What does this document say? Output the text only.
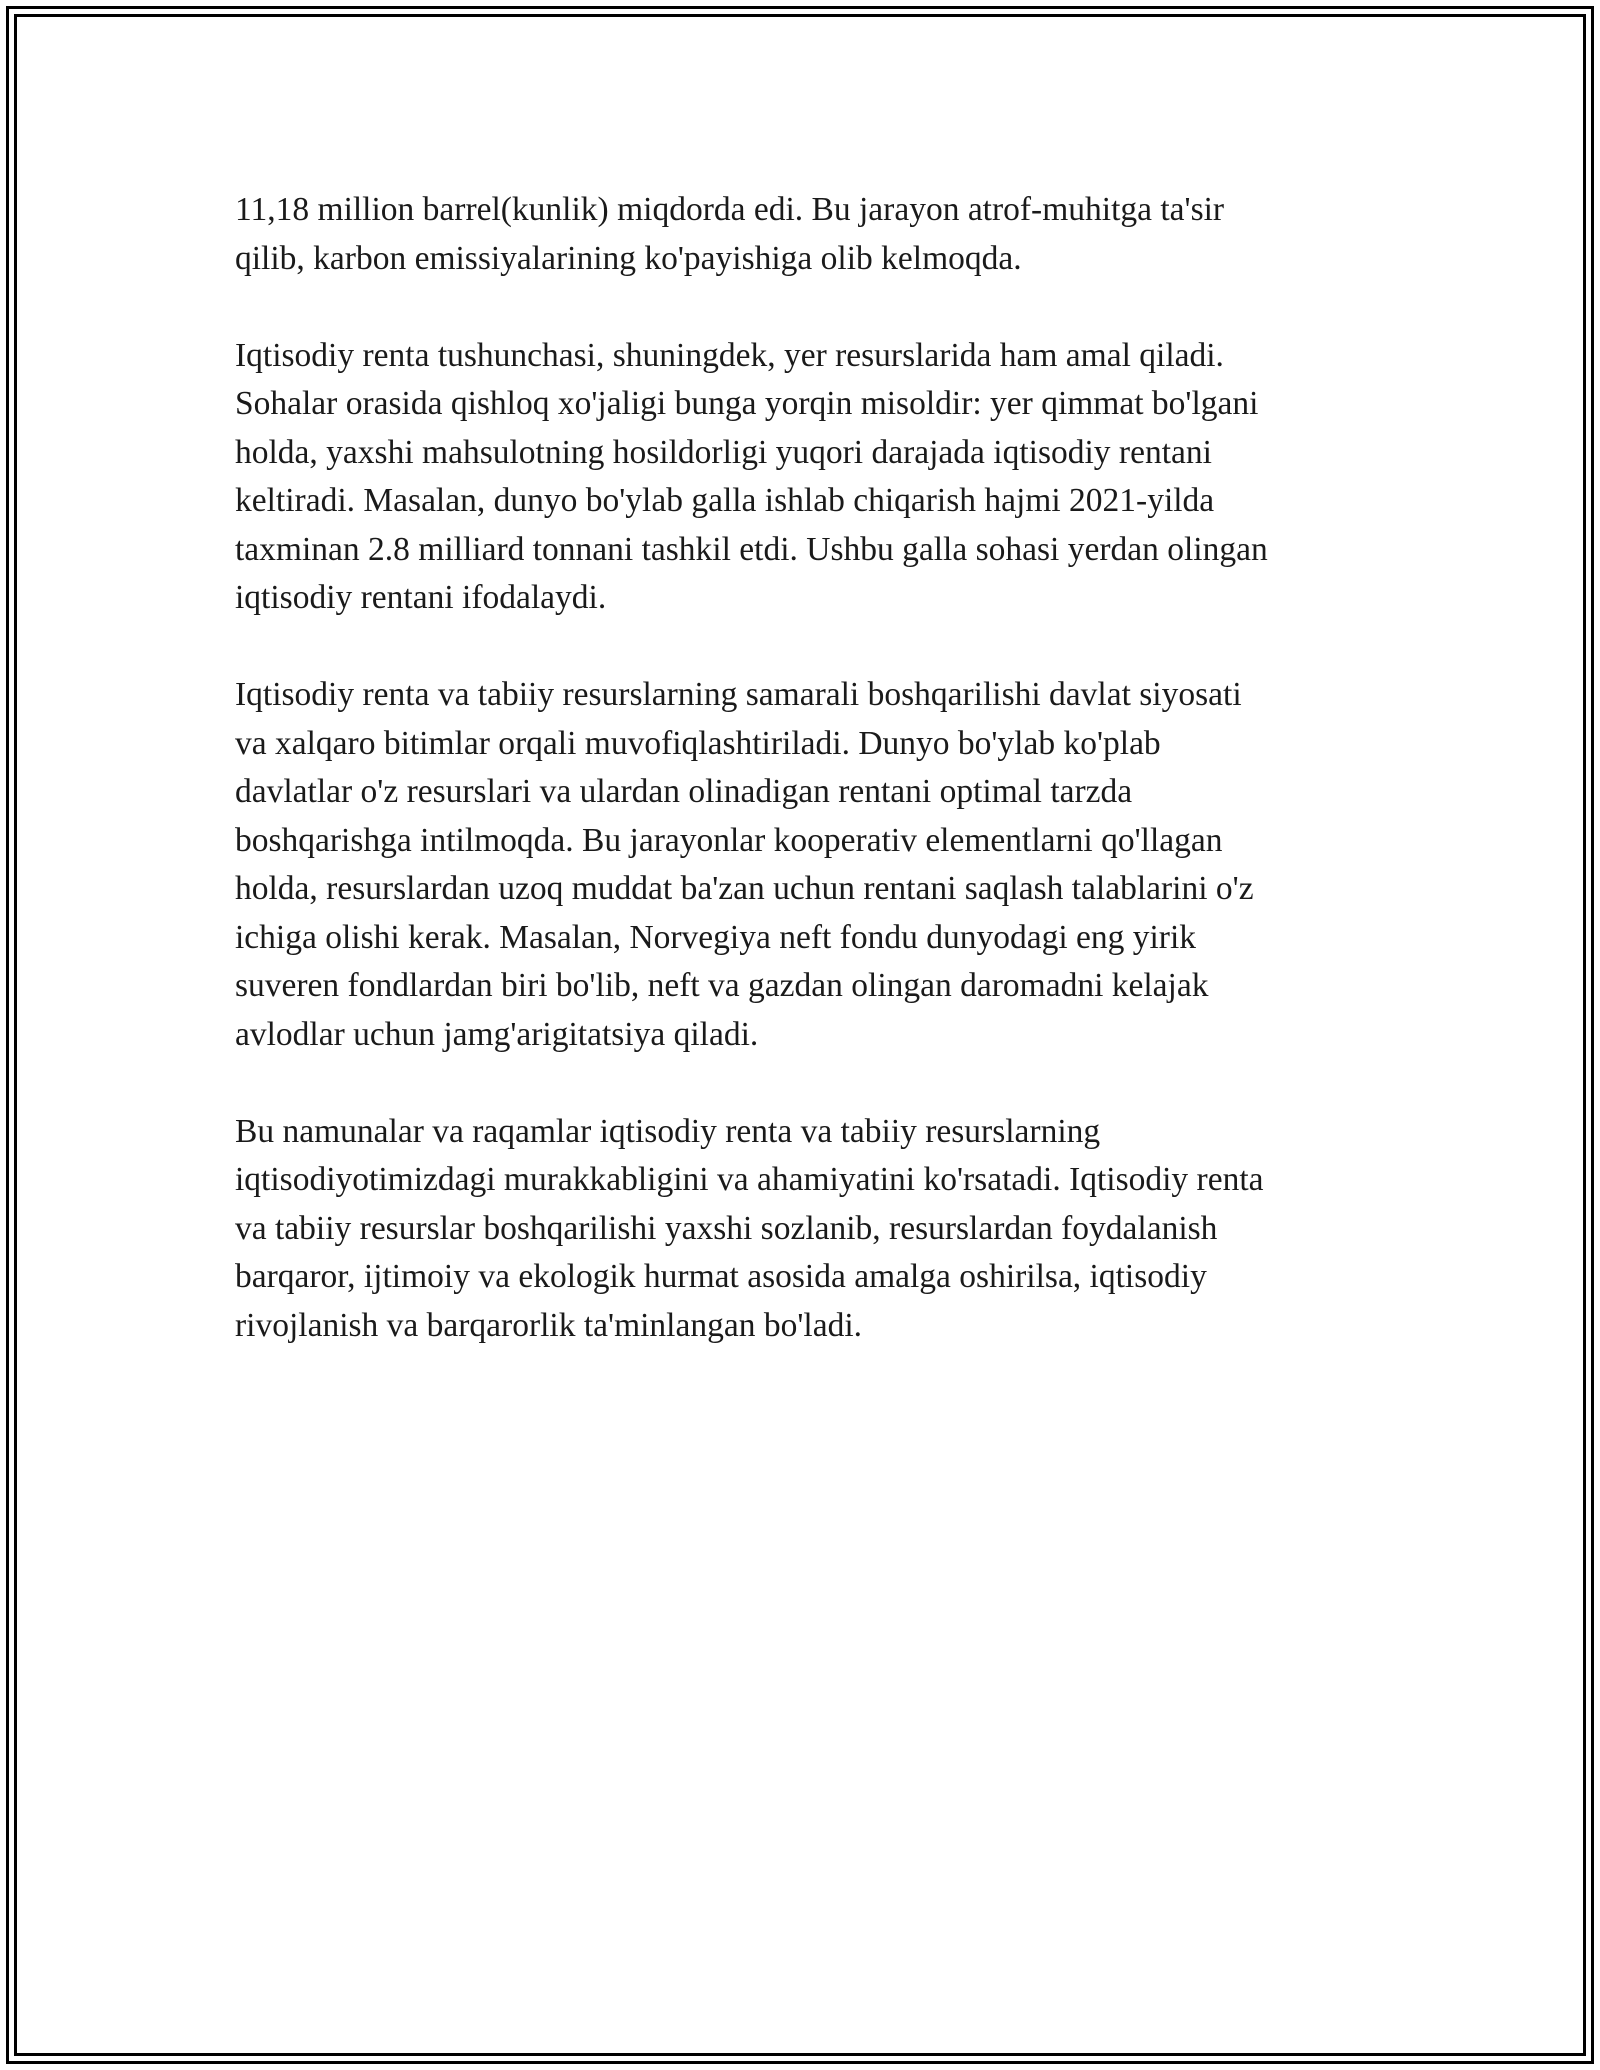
11,18 million barrel(kunlik) miqdorda edi. Bu jarayon atrof-muhitga ta'sir
qilib, karbon emissiyalarining ko'payishiga olib kelmoqda.

Iqtisodiy renta tushunchasi, shuningdek, yer resurslarida ham amal qiladi.
Sohalar orasida qishloq xo'jaligi bunga yorqin misoldir: yer qimmat bo'lgani
holda, yaxshi mahsulotning hosildorligi yuqori darajada iqtisodiy rentani
keltiradi. Masalan, dunyo bo'ylab galla ishlab chiqarish hajmi 2021-yilda
taxminan 2.8 milliard tonnani tashkil etdi. Ushbu galla sohasi yerdan olingan
iqtisodiy rentani ifodalaydi.

Iqtisodiy renta va tabiiy resurslarning samarali boshqarilishi davlat siyosati
va xalqaro bitimlar orqali muvofiqlashtiriladi. Dunyo bo'ylab ko'plab
davlatlar o'z resurslari va ulardan olinadigan rentani optimal tarzda
boshqarishga intilmoqda. Bu jarayonlar kooperativ elementlarni qo'llagan
holda, resurslardan uzoq muddat ba'zan uchun rentani saqlash talablarini o'z
ichiga olishi kerak. Masalan, Norvegiya neft fondu dunyodagi eng yirik
suveren fondlardan biri bo'lib, neft va gazdan olingan daromadni kelajak
avlodlar uchun jamg'arigitatsiya qiladi.

Bu namunalar va raqamlar iqtisodiy renta va tabiiy resurslarning
iqtisodiyotimizdagi murakkabligini va ahamiyatini ko'rsatadi. Iqtisodiy renta
va tabiiy resurslar boshqarilishi yaxshi sozlanib, resurslardan foydalanish
barqaror, ijtimoiy va ekologik hurmat asosida amalga oshirilsa, iqtisodiy
rivojlanish va barqarorlik ta'minlangan bo'ladi.
